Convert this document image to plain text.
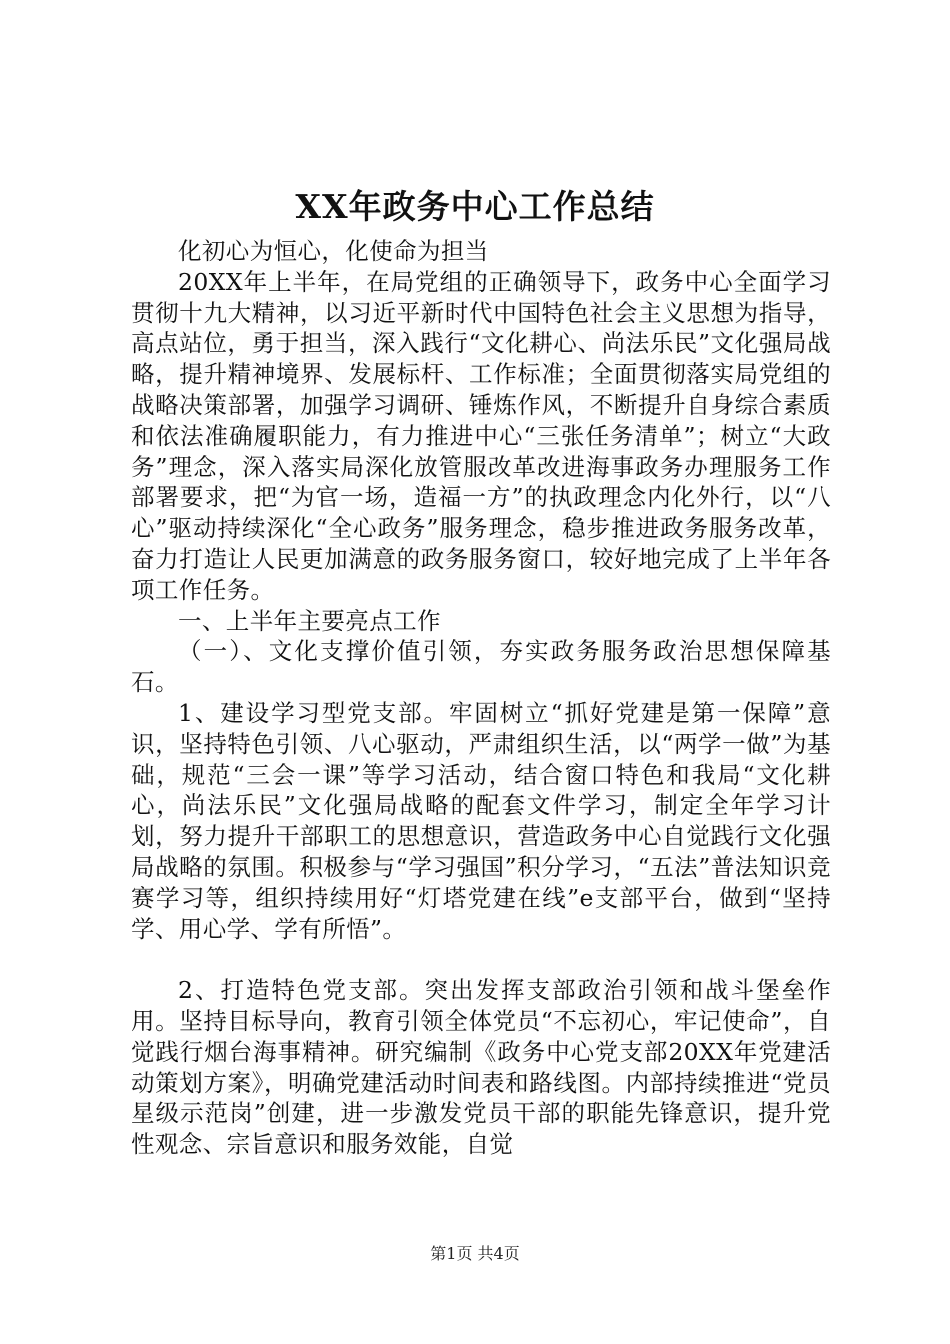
XX年政务中心工作总结

化初心为恒心，化使命为担当

20XX年上半年，在局党组的正确领导下，政务中心全面学习贯彻十九大精神，以习近平新时代中国特色社会主义思想为指导，高点站位，勇于担当，深入践行“文化耕心、尚法乐民”文化强局战略，提升精神境界、发展标杆、工作标准；全面贯彻落实局党组的战略决策部署，加强学习调研、锤炼作风，不断提升自身综合素质和依法准确履职能力，有力推进中心“三张任务清单”；树立“大政务”理念，深入落实局深化放管服改革改进海事政务办理服务工作部署要求，把“为官一场，造福一方”的执政理念内化外行，以“八心”驱动持续深化“全心政务”服务理念，稳步推进政务服务改革，奋力打造让人民更加满意的政务服务窗口，较好地完成了上半年各项工作任务。

一、上半年主要亮点工作

（一）、文化支撑价值引领，夯实政务服务政治思想保障基石。

1、建设学习型党支部。牢固树立“抓好党建是第一保障”意识，坚持特色引领、八心驱动，严肃组织生活，以“两学一做”为基础，规范“三会一课”等学习活动，结合窗口特色和我局“文化耕心，尚法乐民”文化强局战略的配套文件学习，制定全年学习计划，努力提升干部职工的思想意识，营造政务中心自觉践行文化强局战略的氛围。积极参与“学习强国”积分学习，“五法”普法知识竞赛学习等，组织持续用好“灯塔党建在线”e支部平台，做到“坚持学、用心学、学有所悟”。

2、打造特色党支部。突出发挥支部政治引领和战斗堡垒作用。坚持目标导向，教育引领全体党员“不忘初心，牢记使命”，自觉践行烟台海事精神。研究编制《政务中心党支部20XX年党建活动策划方案》，明确党建活动时间表和路线图。内部持续推进“党员星级示范岗”创建，进一步激发党员干部的职能先锋意识，提升党性观念、宗旨意识和服务效能，自觉

第1页 共4页
